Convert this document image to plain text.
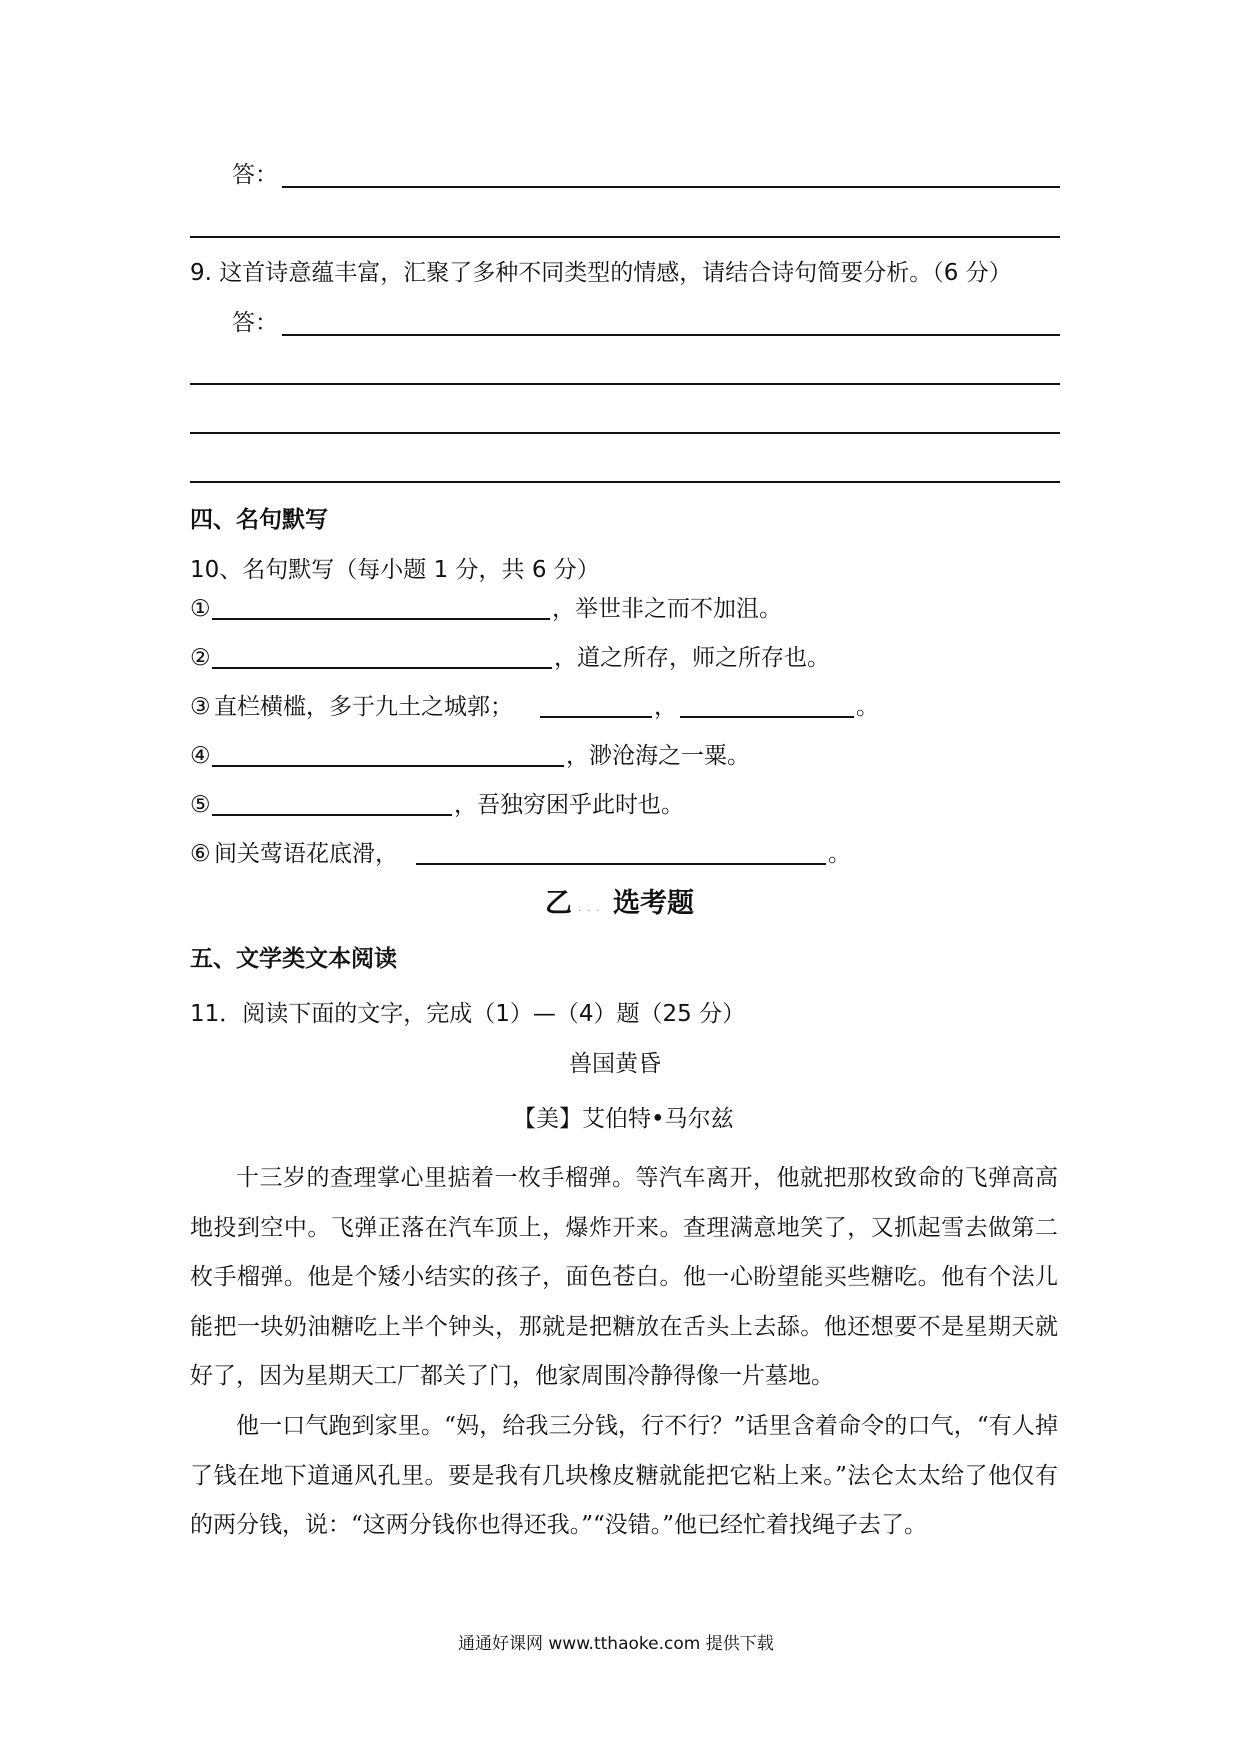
答：
9. 这首诗意蕴丰富，汇聚了多种不同类型的情感，请结合诗句简要分析。（6 分）
答：
四、名句默写
10、名句默写（每小题 1 分，共 6 分）
①	，举世非之而不加沮。
②	，道之所存，师之所存也。
③ 直栏横槛，多于九土之城郭；	，	。
④	，渺沧海之一粟。
⑤	，吾独穷困乎此时也。
⑥ 间关莺语花底滑，	。
乙 ··· 选考题
五、文学类文本阅读
11．阅读下面的文字，完成（1）—（4）题（25 分）
兽国黄昏
【美】艾伯特•马尔兹
十三岁的查理掌心里掂着一枚手榴弹。等汽车离开，他就把那枚致命的飞弹高高地投到空中。飞弹正落在汽车顶上，爆炸开来。查理满意地笑了，又抓起雪去做第二枚手榴弹。他是个矮小结实的孩子，面色苍白。他一心盼望能买些糖吃。他有个法儿能把一块奶油糖吃上半个钟头，那就是把糖放在舌头上去舔。他还想要不是星期天就好了，因为星期天工厂都关了门，他家周围冷静得像一片墓地。
他一口气跑到家里。“妈，给我三分钱，行不行？”话里含着命令的口气，“有人掉了钱在地下道通风孔里。要是我有几块橡皮糖就能把它粘上来。”法仑太太给了他仅有的两分钱，说：“这两分钱你也得还我。”“没错。”他已经忙着找绳子去了。
通通好课网 www.tthaoke.com 提供下载
